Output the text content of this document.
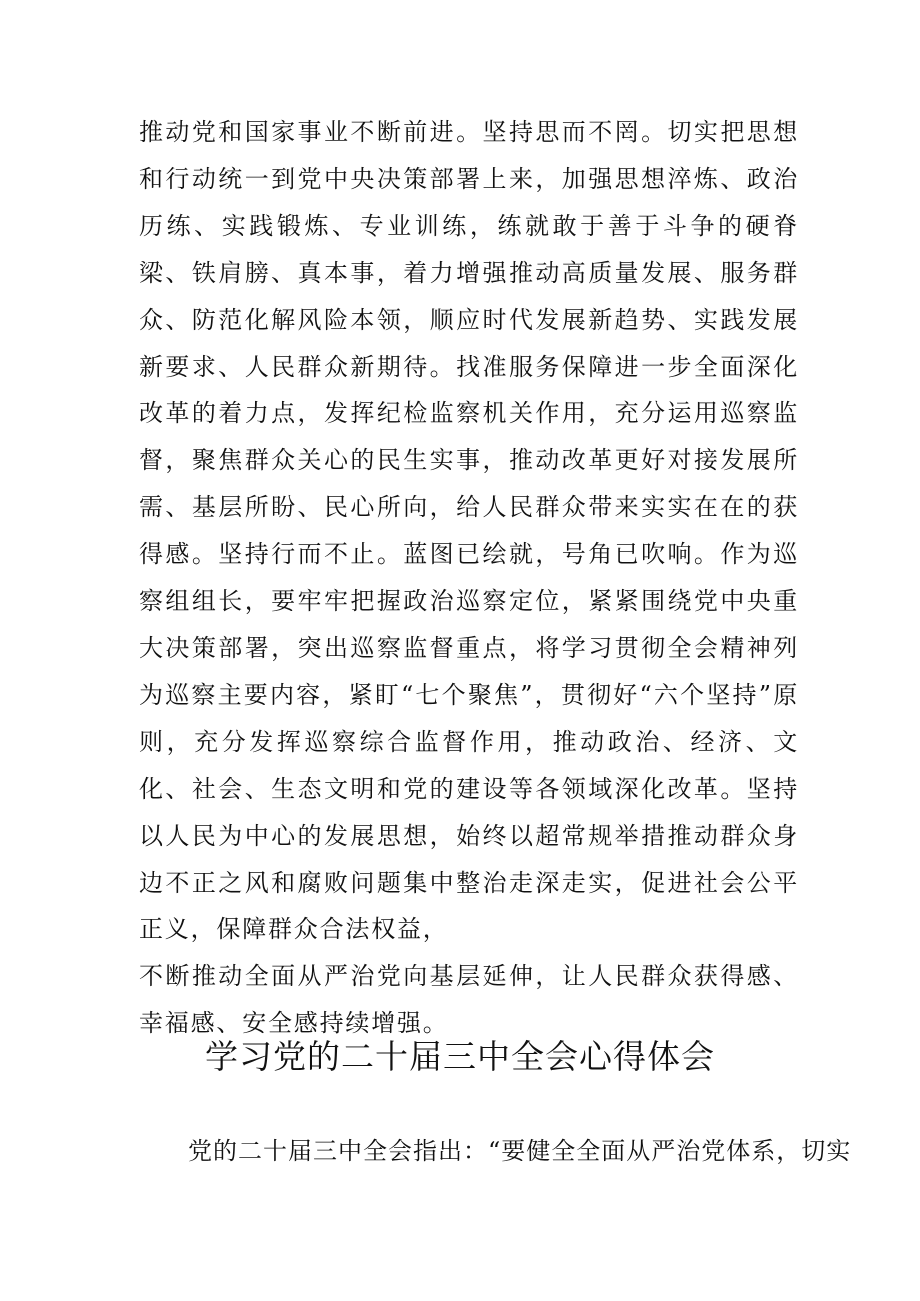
推动党和国家事业不断前进。坚持思而不罔。切实把思想和行动统一到党中央决策部署上来，加强思想淬炼、政治历练、实践锻炼、专业训练，练就敢于善于斗争的硬脊梁、铁肩膀、真本事，着力增强推动高质量发展、服务群众、防范化解风险本领，顺应时代发展新趋势、实践发展新要求、人民群众新期待。找准服务保障进一步全面深化改革的着力点，发挥纪检监察机关作用，充分运用巡察监督，聚焦群众关心的民生实事，推动改革更好对接发展所需、基层所盼、民心所向，给人民群众带来实实在在的获得感。坚持行而不止。蓝图已绘就，号角已吹响。作为巡察组组长，要牢牢把握政治巡察定位，紧紧围绕党中央重大决策部署，突出巡察监督重点，将学习贯彻全会精神列为巡察主要内容，紧盯“七个聚焦”，贯彻好“六个坚持”原则，充分发挥巡察综合监督作用，推动政治、经济、文化、社会、生态文明和党的建设等各领域深化改革。坚持以人民为中心的发展思想，始终以超常规举措推动群众身边不正之风和腐败问题集中整治走深走实，促进社会公平正义，保障群众合法权益，
不断推动全面从严治党向基层延伸，让人民群众获得感、幸福感、安全感持续增强。
学习党的二十届三中全会心得体会

党的二十届三中全会指出：“要健全全面从严治党体系，切实
